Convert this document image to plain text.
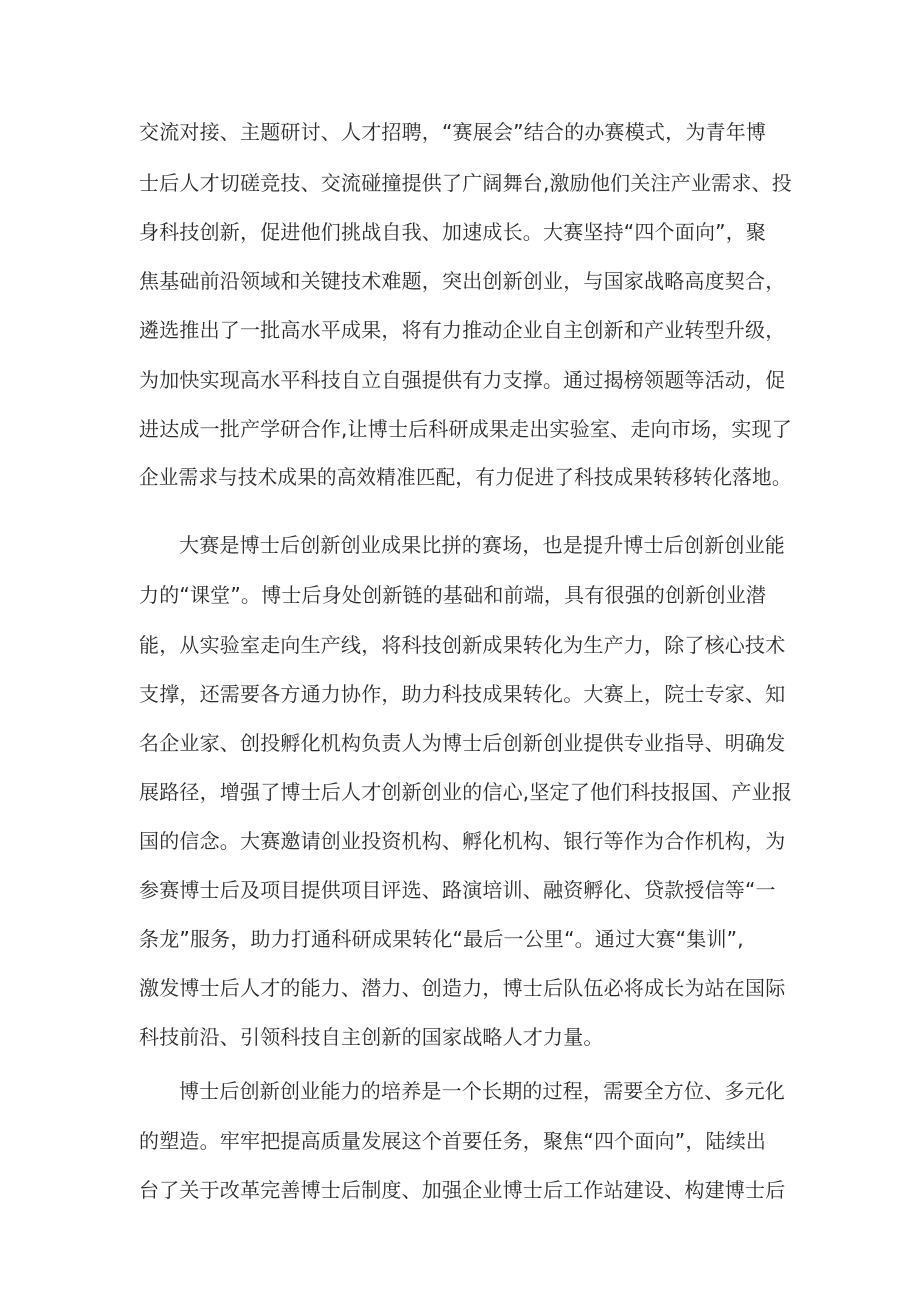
交流对接、主题研讨、人才招聘，“赛展会”结合的办赛模式，为青年博
士后人才切磋竞技、交流碰撞提供了广阔舞台,激励他们关注产业需求、投
身科技创新，促进他们挑战自我、加速成长。大赛坚持“四个面向”，聚
焦基础前沿领域和关键技术难题，突出创新创业，与国家战略高度契合，
遴选推出了一批高水平成果，将有力推动企业自主创新和产业转型升级，
为加快实现高水平科技自立自强提供有力支撑。通过揭榜领题等活动，促
进达成一批产学研合作,让博士后科研成果走出实验室、走向市场，实现了
企业需求与技术成果的高效精准匹配，有力促进了科技成果转移转化落地。
大赛是博士后创新创业成果比拼的赛场，也是提升博士后创新创业能
力的“课堂”。博士后身处创新链的基础和前端，具有很强的创新创业潜
能，从实验室走向生产线，将科技创新成果转化为生产力，除了核心技术
支撑，还需要各方通力协作，助力科技成果转化。大赛上，院士专家、知
名企业家、创投孵化机构负责人为博士后创新创业提供专业指导、明确发
展路径，增强了博士后人才创新创业的信心,坚定了他们科技报国、产业报
国的信念。大赛邀请创业投资机构、孵化机构、银行等作为合作机构，为
参赛博士后及项目提供项目评选、路演培训、融资孵化、贷款授信等“一
条龙”服务，助力打通科研成果转化“最后一公里“。通过大赛“集训”,
激发博士后人才的能力、潜力、创造力，博士后队伍必将成长为站在国际
科技前沿、引领科技自主创新的国家战略人才力量。
博士后创新创业能力的培养是一个长期的过程，需要全方位、多元化
的塑造。牢牢把提高质量发展这个首要任务，聚焦“四个面向”，陆续出
台了关于改革完善博士后制度、加强企业博士后工作站建设、构建博士后
